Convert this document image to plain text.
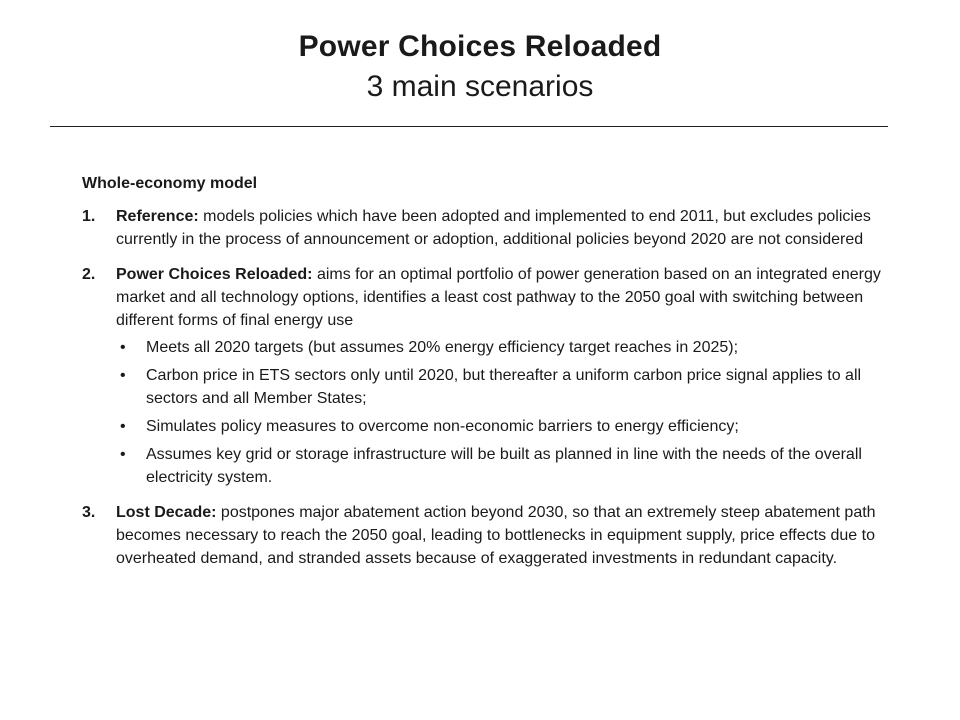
Power Choices Reloaded
3 main scenarios
Whole-economy model
1. Reference: models policies which have been adopted and implemented to end 2011, but excludes policies currently in the process of announcement or adoption, additional policies beyond 2020 are not considered
2. Power Choices Reloaded: aims for an optimal portfolio of power generation based on an integrated energy market and all technology options, identifies a least cost pathway to the 2050 goal with switching between different forms of final energy use
• Meets all 2020 targets (but assumes 20% energy efficiency target reaches in 2025);
• Carbon price in ETS sectors only until 2020, but thereafter a uniform carbon price signal applies to all sectors and all Member States;
• Simulates policy measures to overcome non-economic barriers to energy efficiency;
• Assumes key grid or storage infrastructure will be built as planned in line with the needs of the overall electricity system.
3. Lost Decade: postpones major abatement action beyond 2030, so that an extremely steep abatement path becomes necessary to reach the 2050 goal, leading to bottlenecks in equipment supply, price effects due to overheated demand, and stranded assets because of exaggerated investments in redundant capacity.
